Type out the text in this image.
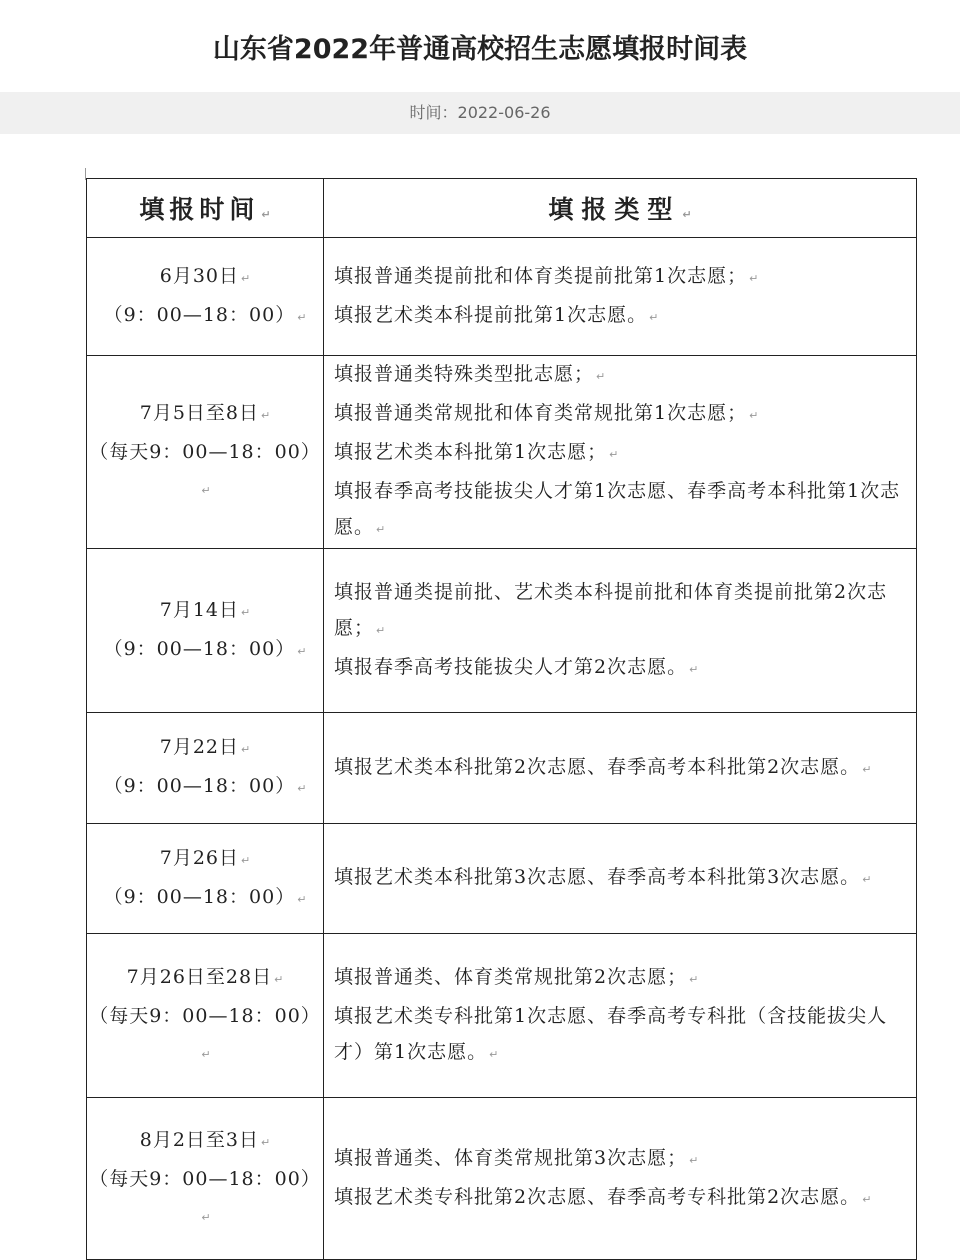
山东省2022年普通高校招生志愿填报时间表
时间：2022-06-26
填报时间 ↵	填报类型 ↵

6月30日 ↵
（9：00—18：00） ↵	填报普通类提前批和体育类提前批第1次志愿； ↵
填报艺术类本科提前批第1次志愿。 ↵

7月5日至8日 ↵
（每天9：00—18：00）↵	填报普通类特殊类型批志愿； ↵
填报普通类常规批和体育类常规批第1次志愿； ↵
填报艺术类本科批第1次志愿； ↵
填报春季高考技能拔尖人才第1次志愿、春季高考本科批第1次志愿。 ↵

7月14日 ↵
（9：00—18：00） ↵	填报普通类提前批、艺术类本科提前批和体育类提前批第2次志愿； ↵
填报春季高考技能拔尖人才第2次志愿。 ↵

7月22日 ↵
（9：00—18：00） ↵	填报艺术类本科批第2次志愿、春季高考本科批第2次志愿。 ↵

7月26日 ↵
（9：00—18：00） ↵	填报艺术类本科批第3次志愿、春季高考本科批第3次志愿。 ↵

7月26日至28日 ↵
（每天9：00—18：00）↵	填报普通类、体育类常规批第2次志愿； ↵
填报艺术类专科批第1次志愿、春季高考专科批（含技能拔尖人才）第1次志愿。 ↵

8月2日至3日 ↵
（每天9：00—18：00）↵	填报普通类、体育类常规批第3次志愿； ↵
填报艺术类专科批第2次志愿、春季高考专科批第2次志愿。 ↵
